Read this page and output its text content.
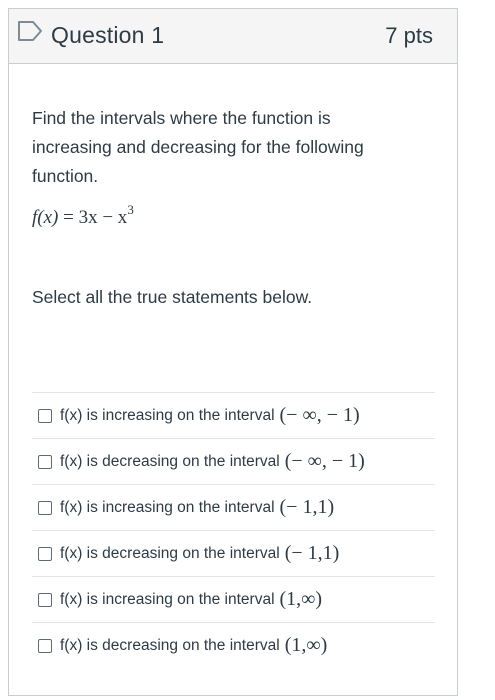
Question 1	7 pts
Find the intervals where the function is increasing and decreasing for the following function.
$f(x) = 3x - x^3$
Select all the true statements below.
f(x) is increasing on the interval (− ∞, − 1)
f(x) is decreasing on the interval (− ∞, − 1)
f(x) is increasing on the interval (− 1,1)
f(x) is decreasing on the interval (− 1,1)
f(x) is increasing on the interval (1,∞)
f(x) is decreasing on the interval (1,∞)
